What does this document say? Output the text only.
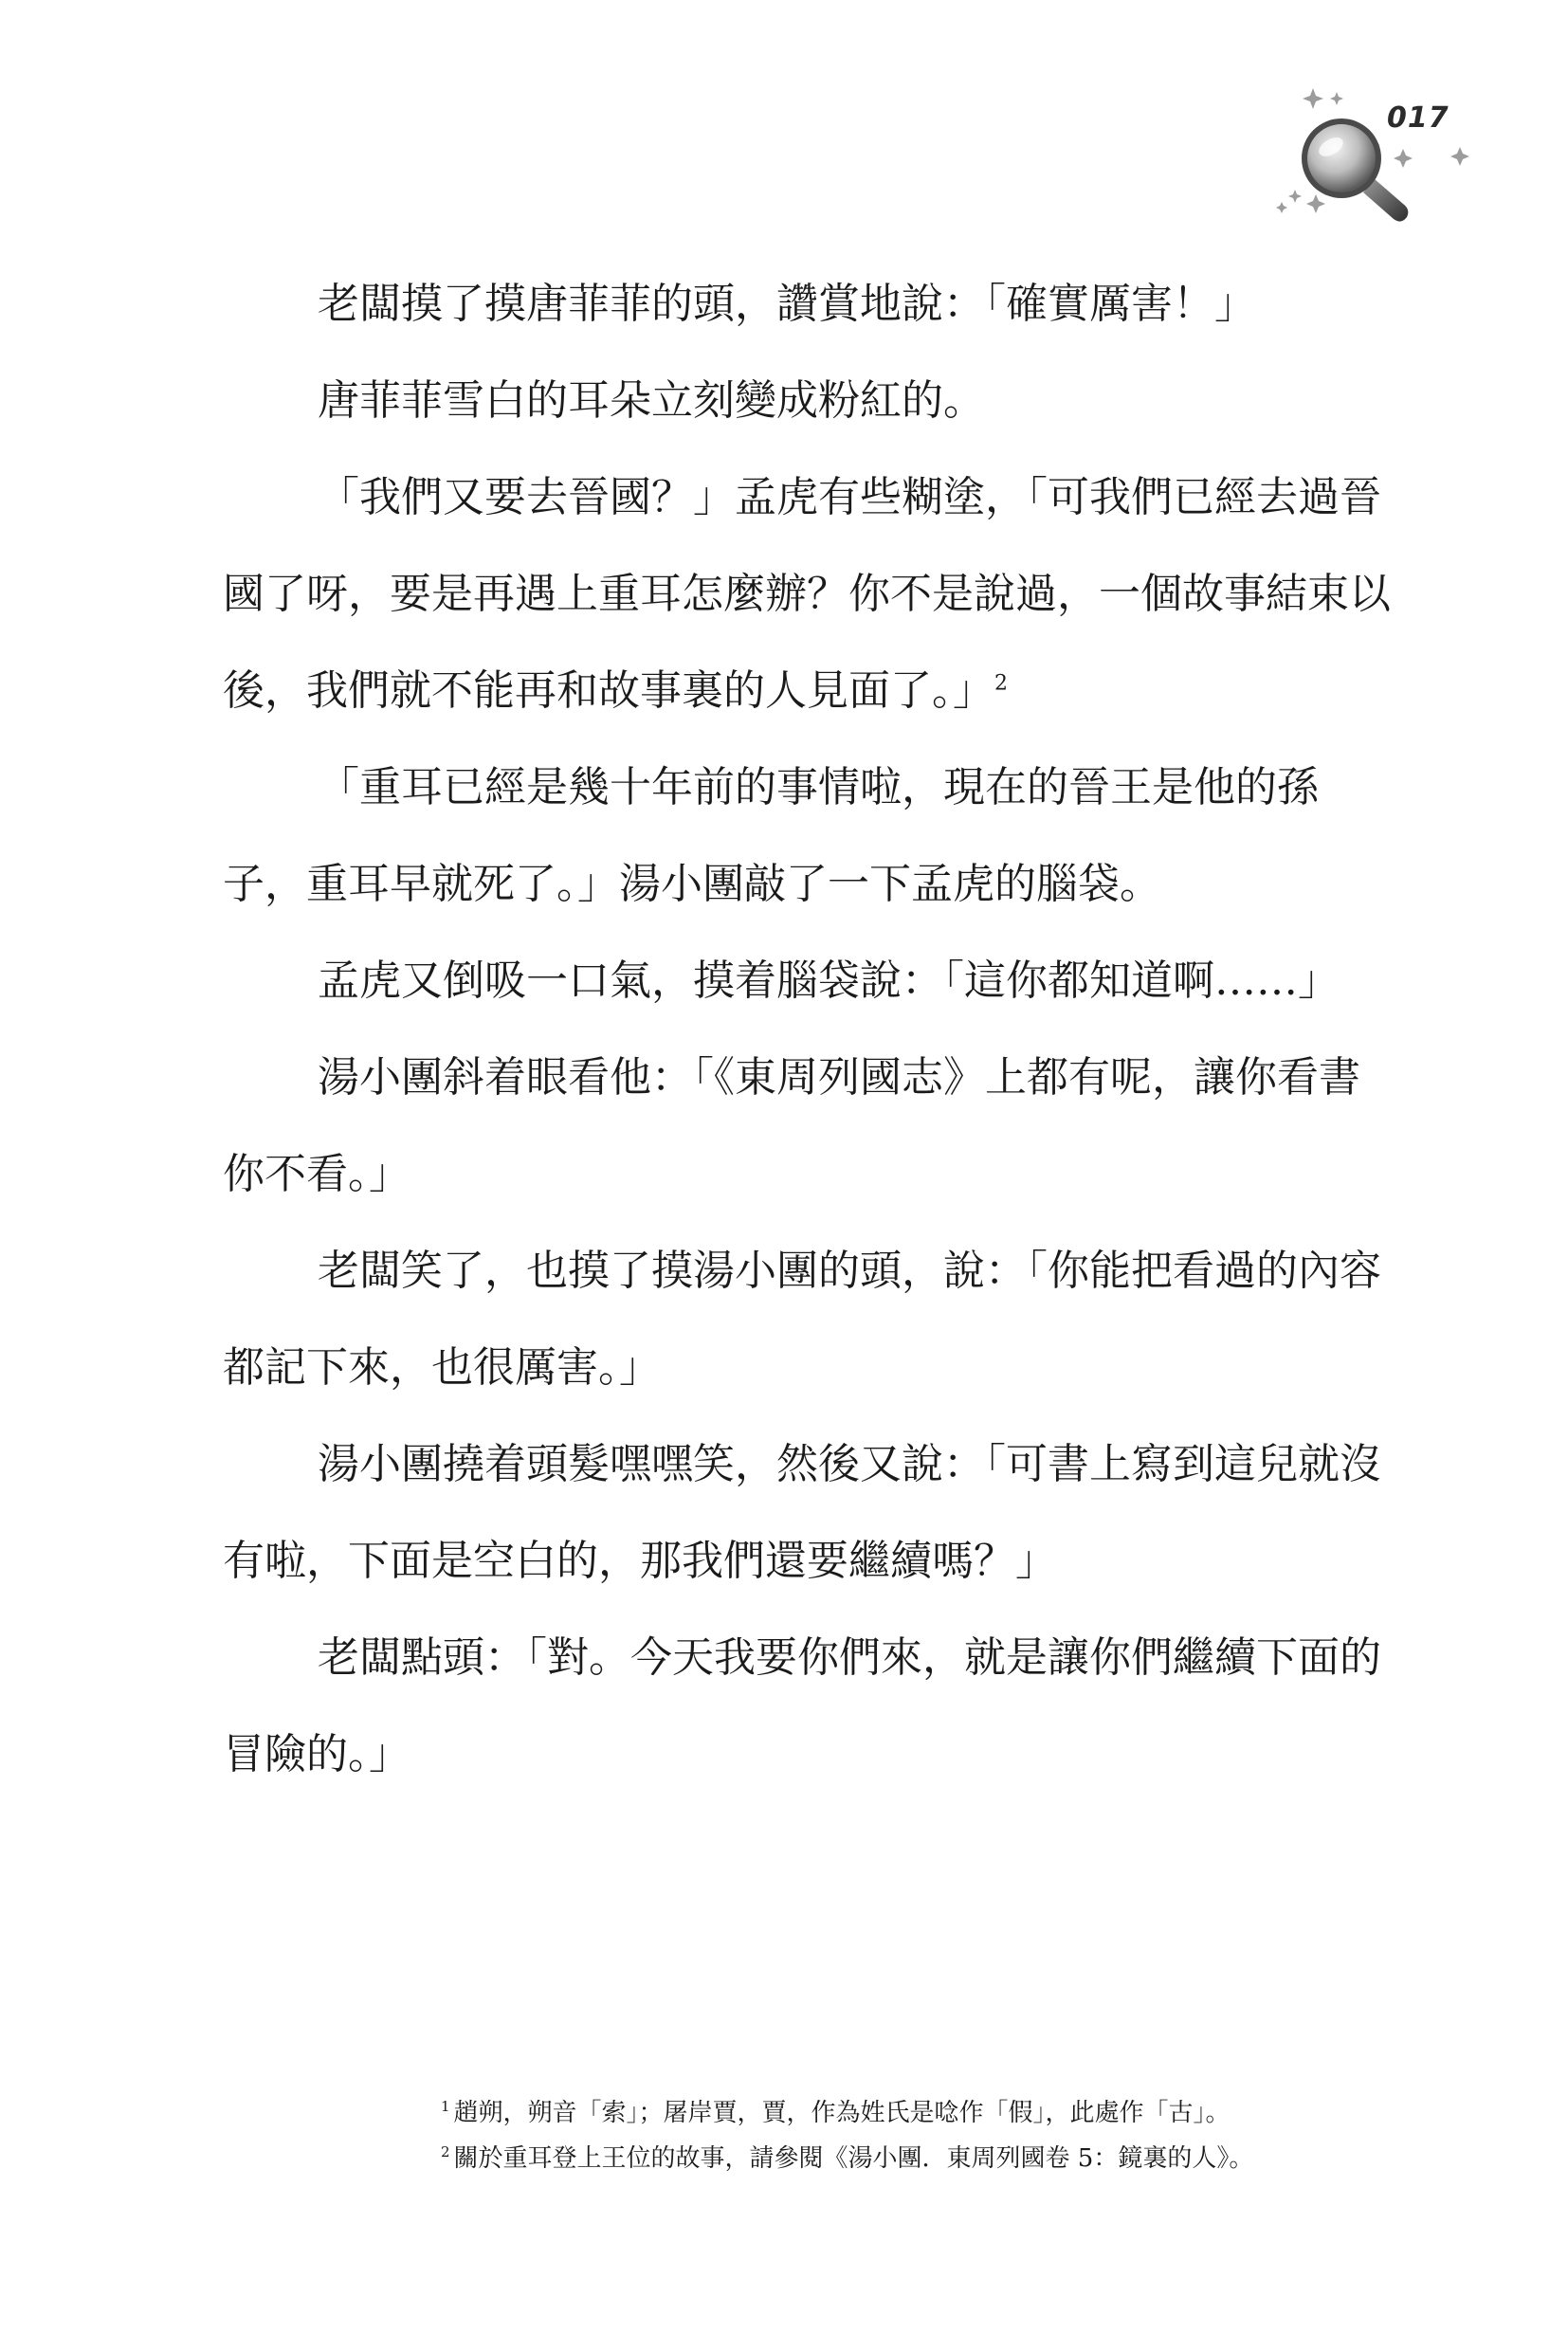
017

老闆摸了摸唐菲菲的頭，讚賞地說：「確實厲害！」

唐菲菲雪白的耳朵立刻變成粉紅的。

「我們又要去晉國？」孟虎有些糊塗，「可我們已經去過晉國了呀，要是再遇上重耳怎麼辦？你不是說過，一個故事結束以後，我們就不能再和故事裏的人見面了。」$^2$

「重耳已經是幾十年前的事情啦，現在的晉王是他的孫子，重耳早就死了。」湯小團敲了一下孟虎的腦袋。

孟虎又倒吸一口氣，摸着腦袋說：「這你都知道啊……」

湯小團斜着眼看他：「《東周列國志》上都有呢，讓你看書你不看。」

老闆笑了，也摸了摸湯小團的頭，說：「你能把看過的內容都記下來，也很厲害。」

湯小團撓着頭髮嘿嘿笑，然後又說：「可書上寫到這兒就沒有啦，下面是空白的，那我們還要繼續嗎？」

老闆點頭：「對。今天我要你們來，就是讓你們繼續下面的冒險的。」

$^1$ 趙朔，朔音「索」；屠岸賈，賈，作為姓氏是唸作「假」，此處作「古」。

$^2$ 關於重耳登上王位的故事，請參閱《湯小團．東周列國卷 5：鏡裏的人》。
